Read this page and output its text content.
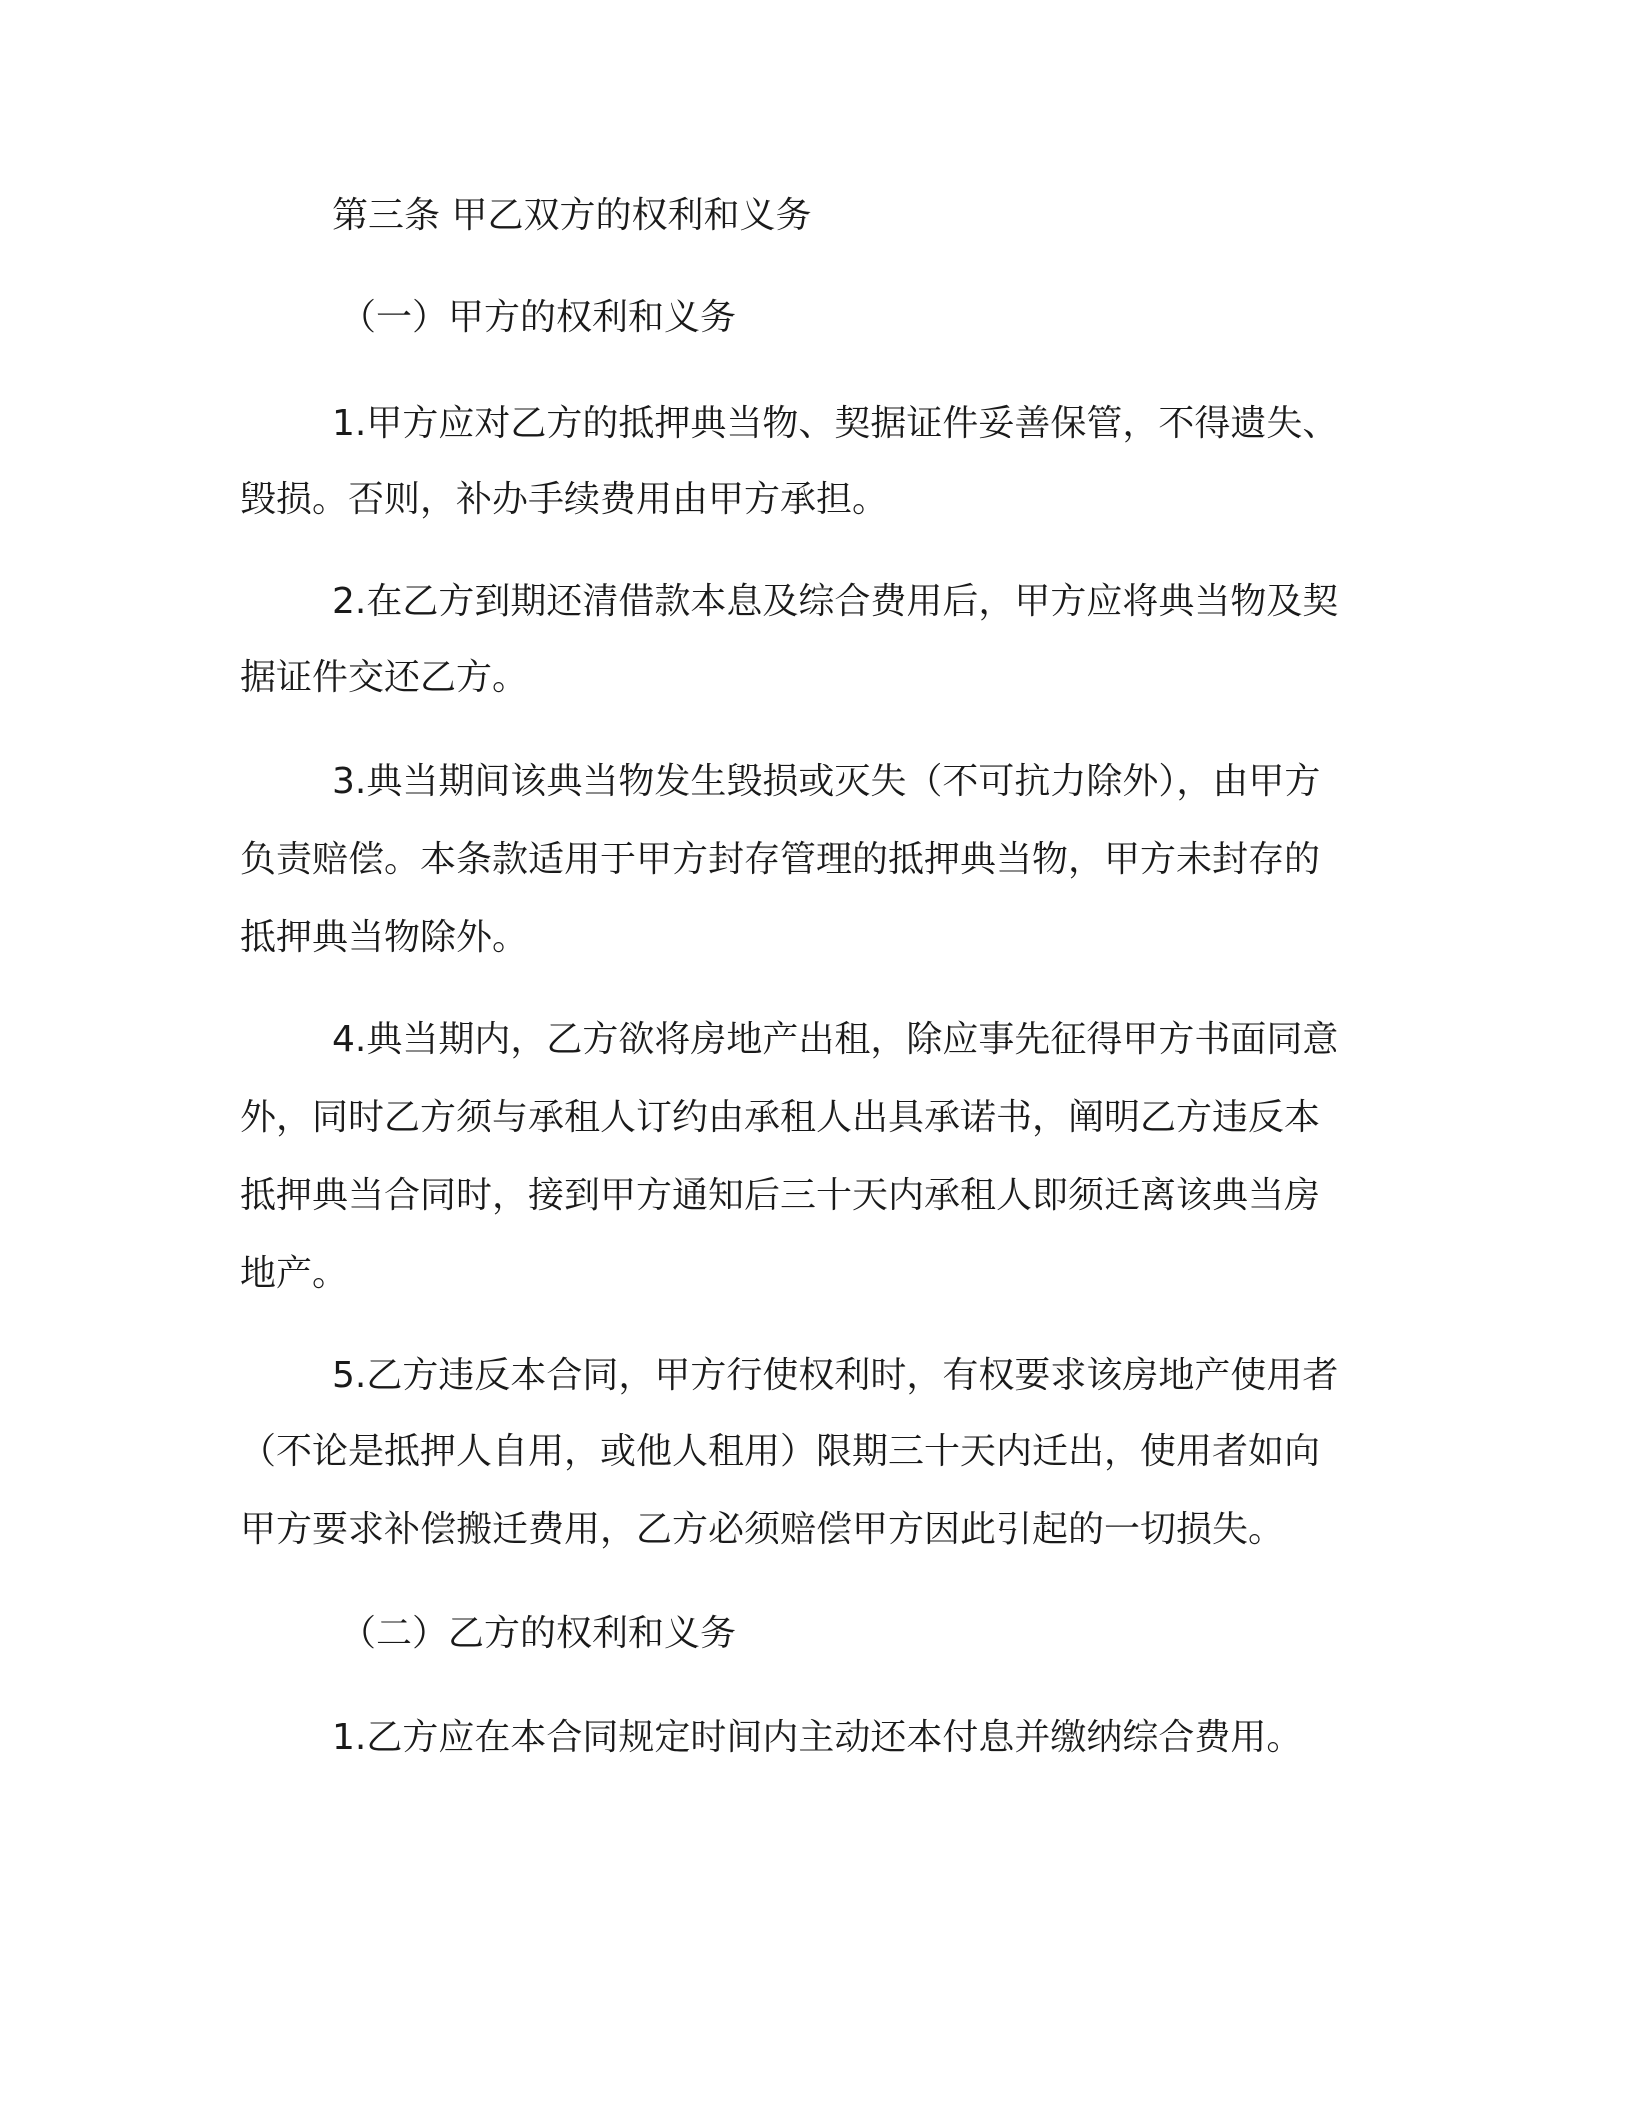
第三条 甲乙双方的权利和义务
（一）甲方的权利和义务
1.甲方应对乙方的抵押典当物、契据证件妥善保管，不得遗失、
毁损。否则，补办手续费用由甲方承担。
2.在乙方到期还清借款本息及综合费用后，甲方应将典当物及契
据证件交还乙方。
3.典当期间该典当物发生毁损或灭失（不可抗力除外），由甲方
负责赔偿。本条款适用于甲方封存管理的抵押典当物，甲方未封存的
抵押典当物除外。
4.典当期内，乙方欲将房地产出租，除应事先征得甲方书面同意
外，同时乙方须与承租人订约由承租人出具承诺书，阐明乙方违反本
抵押典当合同时，接到甲方通知后三十天内承租人即须迁离该典当房
地产。
5.乙方违反本合同，甲方行使权利时，有权要求该房地产使用者
（不论是抵押人自用，或他人租用）限期三十天内迁出，使用者如向
甲方要求补偿搬迁费用，乙方必须赔偿甲方因此引起的一切损失。
（二）乙方的权利和义务
1.乙方应在本合同规定时间内主动还本付息并缴纳综合费用。
